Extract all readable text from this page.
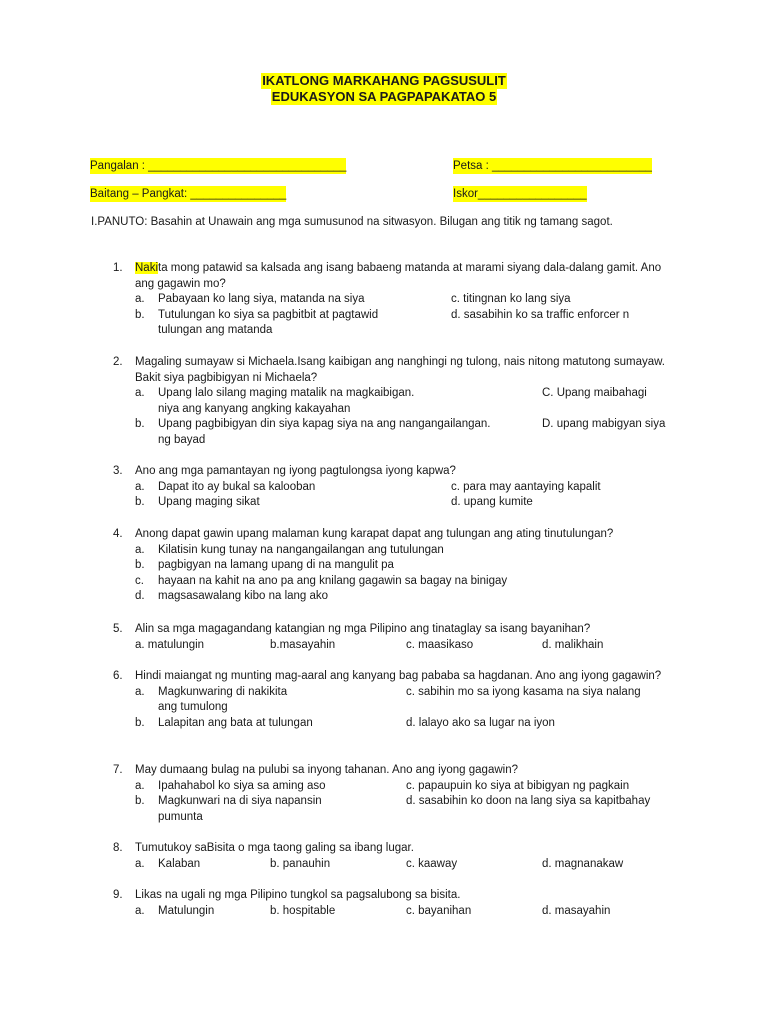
IKATLONG MARKAHANG PAGSUSULIT
EDUKASYON SA PAGPAPAKATAO 5
Pangalan : _______________________________	Petsa : _________________________
Baitang – Pangkat: _______________	Iskor_________________
I.PANUTO: Basahin at Unawain ang mga sumusunod na sitwasyon. Bilugan ang titik ng tamang sagot.
1. Nakita mong patawid sa kalsada ang isang babaeng matanda at marami siyang dala-dalang gamit. Ano ang gagawin mo?
a. Pabayaan ko lang siya, matanda na siya	c. titingnan ko lang siya
b. Tutulungan ko siya sa pagbitbit at pagtawid	d. sasabihin ko sa traffic enforcer n
tulungan ang matanda
2. Magaling sumayaw si Michaela.Isang kaibigan ang nanghingi ng tulong, nais nitong matutong sumayaw. Bakit siya pagbibigyan ni Michaela?
a. Upang lalo silang maging matalik na magkaibigan.	C. Upang maibahagi
niya ang kanyang angking kakayahan
b. Upang pagbibigyan din siya kapag siya na ang nangangailangan.	D. upang mabigyan siya
ng bayad
3. Ano ang mga pamantayan ng iyong pagtulongsa iyong kapwa?
a. Dapat ito ay bukal sa kalooban	c. para may aantaying kapalit
b. Upang maging sikat	d. upang kumite
4. Anong dapat gawin upang malaman kung karapat dapat ang tulungan ang ating tinutulungan?
a. Kilatisin kung tunay na nangangailangan ang tutulungan
b. pagbigyan na lamang upang di na mangulit pa
c. hayaan na kahit na ano pa ang knilang gagawin sa bagay na binigay
d. magsasawalang kibo na lang ako
5. Alin sa mga magagandang katangian ng mga Pilipino ang tinataglay sa isang bayanihan?
a. matulungin	b.masayahin	c. maasikaso	d. malikhain
6. Hindi maiangat ng munting mag-aaral ang kanyang bag pababa sa hagdanan. Ano ang iyong gagawin?
a. Magkunwaring di nakikita	c. sabihin mo sa iyong kasama na siya nalang
ang tumulong
b. Lalapitan ang bata at tulungan	d. lalayo ako sa lugar na iyon
7. May dumaang bulag na pulubi sa inyong tahanan. Ano ang iyong gagawin?
a. Ipahahabol ko siya sa aming aso	c. papaupuin ko siya at bibigyan ng pagkain
b. Magkunwari na di siya napansin	d. sasabihin ko doon na lang siya sa kapitbahay
pumunta
8. Tumutukoy saBisita o mga taong galing sa ibang lugar.
a. Kalaban	b. panauhin	c. kaaway	d. magnanakaw
9. Likas na ugali ng mga Pilipino tungkol sa pagsalubong sa bisita.
a. Matulungin	b. hospitable	c. bayanihan	d. masayahin
